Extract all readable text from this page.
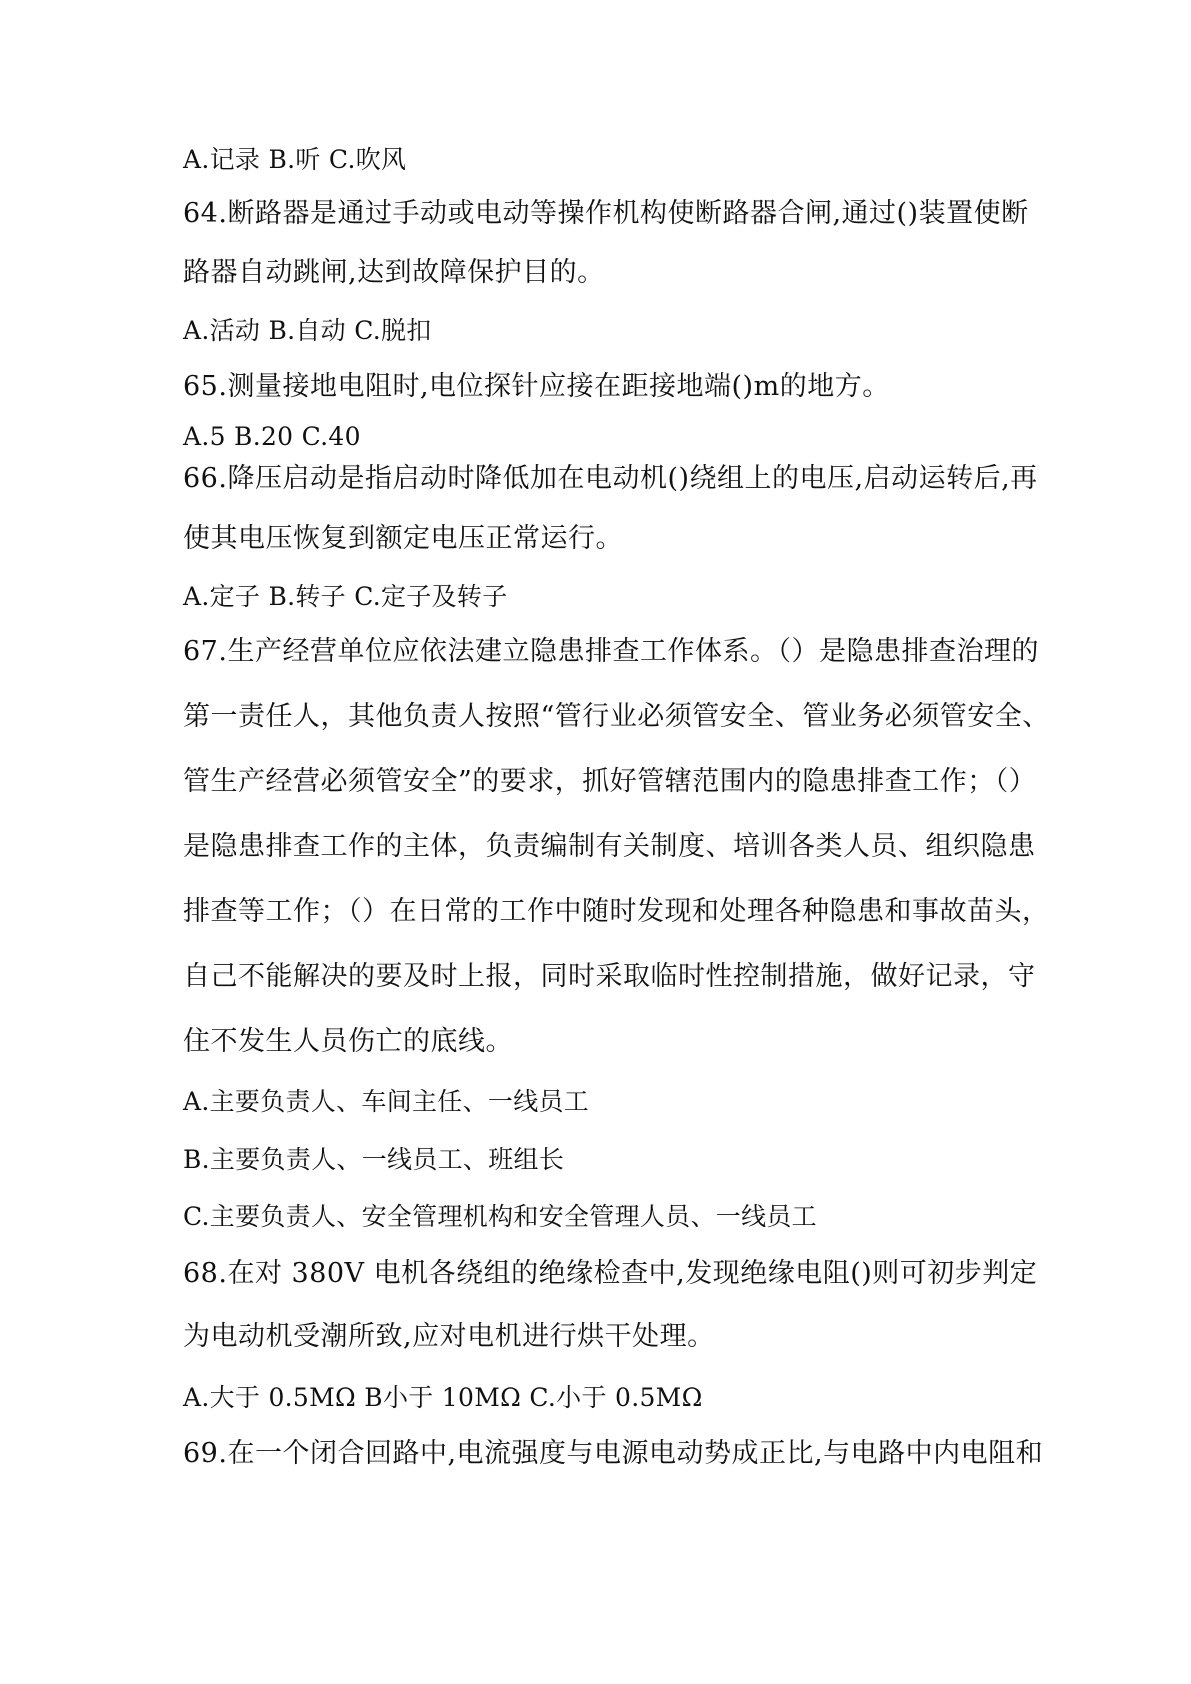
A.记录 B.听 C.吹风
64.断路器是通过手动或电动等操作机构使断路器合闸,通过()装置使断
路器自动跳闸,达到故障保护目的。
A.活动 B.自动 C.脱扣
65.测量接地电阻时,电位探针应接在距接地端()m的地方。
A.5 B.20 C.40
66.降压启动是指启动时降低加在电动机()绕组上的电压,启动运转后,再
使其电压恢复到额定电压正常运行。
A.定子 B.转子 C.定子及转子
67.生产经营单位应依法建立隐患排查工作体系。（）是隐患排查治理的
第一责任人，其他负责人按照“管行业必须管安全、管业务必须管安全、
管生产经营必须管安全”的要求，抓好管辖范围内的隐患排查工作；（）
是隐患排查工作的主体，负责编制有关制度、培训各类人员、组织隐患
排查等工作；（）在日常的工作中随时发现和处理各种隐患和事故苗头，
自己不能解决的要及时上报，同时采取临时性控制措施，做好记录，守
住不发生人员伤亡的底线。
A.主要负责人、车间主任、一线员工
B.主要负责人、一线员工、班组长
C.主要负责人、安全管理机构和安全管理人员、一线员工
68.在对 380V 电机各绕组的绝缘检查中,发现绝缘电阻()则可初步判定
为电动机受潮所致,应对电机进行烘干处理。
A.大于 0.5MΩ B小于 10MΩ C.小于 0.5MΩ
69.在一个闭合回路中,电流强度与电源电动势成正比,与电路中内电阻和
